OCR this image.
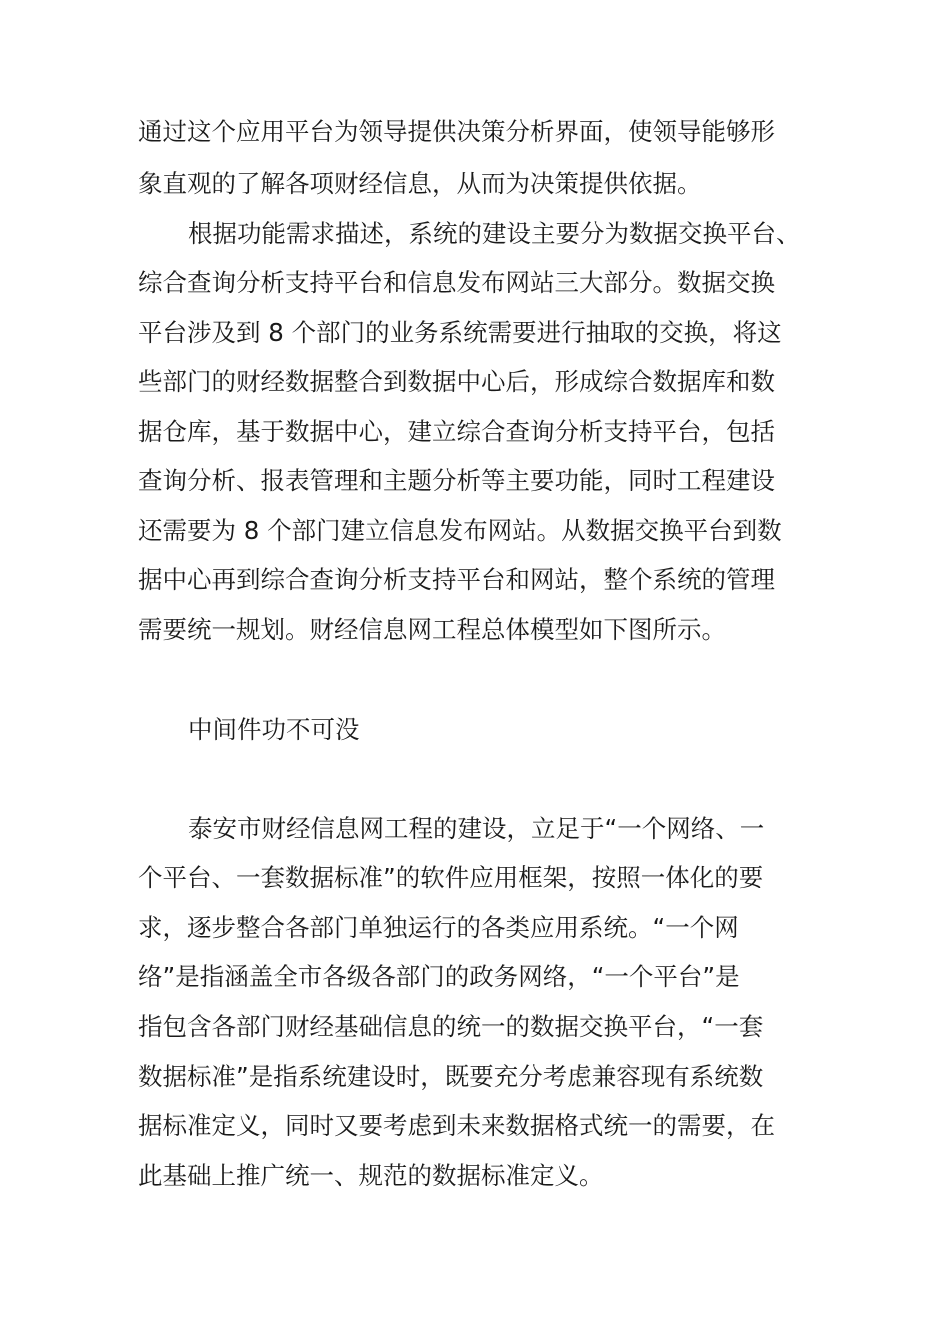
通过这个应用平台为领导提供决策分析界面，使领导能够形

象直观的了解各项财经信息，从而为决策提供依据。

根据功能需求描述，系统的建设主要分为数据交换平台、

综合查询分析支持平台和信息发布网站三大部分。数据交换

平台涉及到 8 个部门的业务系统需要进行抽取的交换，将这

些部门的财经数据整合到数据中心后，形成综合数据库和数

据仓库，基于数据中心，建立综合查询分析支持平台，包括

查询分析、报表管理和主题分析等主要功能，同时工程建设

还需要为 8 个部门建立信息发布网站。从数据交换平台到数

据中心再到综合查询分析支持平台和网站，整个系统的管理

需要统一规划。财经信息网工程总体模型如下图所示。

中间件功不可没

泰安市财经信息网工程的建设，立足于“一个网络、一

个平台、一套数据标准”的软件应用框架，按照一体化的要

求，逐步整合各部门单独运行的各类应用系统。“一个网

络”是指涵盖全市各级各部门的政务网络，“一个平台”是

指包含各部门财经基础信息的统一的数据交换平台，“一套

数据标准”是指系统建设时，既要充分考虑兼容现有系统数

据标准定义，同时又要考虑到未来数据格式统一的需要，在

此基础上推广统一、规范的数据标准定义。
